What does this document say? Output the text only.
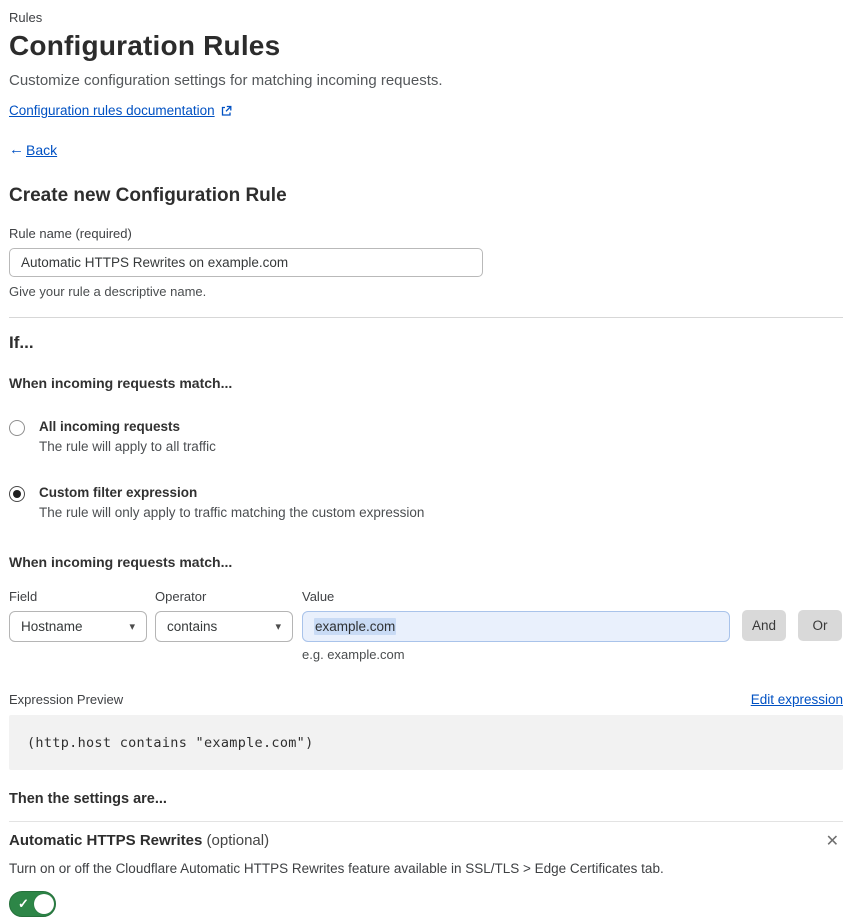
Rules
Configuration Rules
Customize configuration settings for matching incoming requests.
Configuration rules documentation
← Back
Create new Configuration Rule
Rule name (required)
Automatic HTTPS Rewrites on example.com
Give your rule a descriptive name.
If...
When incoming requests match...
All incoming requests
The rule will apply to all traffic
Custom filter expression
The rule will only apply to traffic matching the custom expression
When incoming requests match...
Field
Hostname	▾
Operator
contains	▾
Value
example.com
e.g. example.com
And	Or
Expression Preview	Edit expression
(http.host contains "example.com")
Then the settings are...
Automatic HTTPS Rewrites (optional)	✕
Turn on or off the Cloudflare Automatic HTTPS Rewrites feature available in SSL/TLS > Edge Certificates tab.
✓
